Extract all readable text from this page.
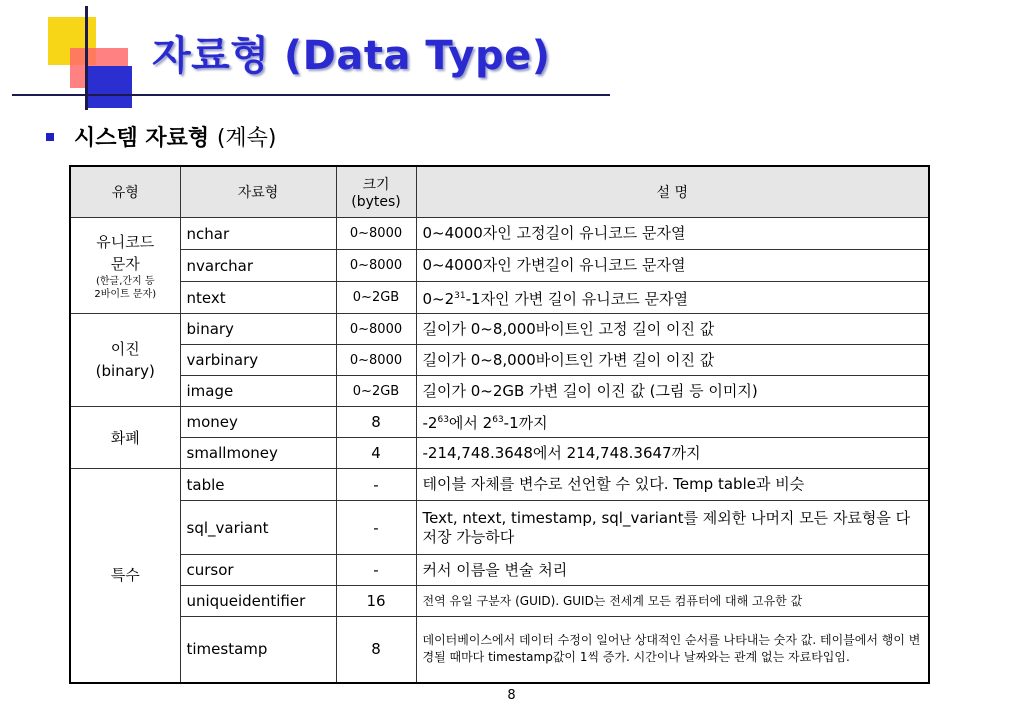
자료형 (Data Type)
시스템 자료형 (계속)
유형	자료형	크기 (bytes)	설 명
유니코드
문자
(한글,간지 등
2바이트 문자)	nchar	0~8000	0~4000자인 고정길이 유니코드 문자열
	nvarchar	0~8000	0~4000자인 가변길이 유니코드 문자열
	ntext	0~2GB	$0\sim 2^{31}-1$자인 가변 길이 유니코드 문자열
이진
(binary)	binary	0~8000	길이가 0~8,000바이트인 고정 길이 이진 값
	varbinary	0~8000	길이가 0~8,000바이트인 가변 길이 이진 값
	image	0~2GB	길이가 0~2GB 가변 길이 이진 값 (그림 등 이미지)
화폐	money	8	$-2^{63}$에서 $2^{63}-1$까지
	smallmoney	4	-214,748.3648에서 214,748.3647까지
특수	table	-	테이블 자체를 변수로 선언할 수 있다. Temp table과 비슷
	sql_variant	-	Text, ntext, timestamp, sql_variant를 제외한 나머지 모든 자료형을 다 저장 가능하다
	cursor	-	커서 이름을 변술 처리
	uniqueidentifier	16	전역 유일 구분자 (GUID). GUID는 전세계 모든 컴퓨터에 대해 고유한 값
	timestamp	8	데이터베이스에서 데이터 수정이 일어난 상대적인 순서를 나타내는 숫자 값. 테이블에서 행이 변경될 때마다 timestamp값이 1씩 증가. 시간이나 날짜와는 관계 없는 자료타입임.
8
